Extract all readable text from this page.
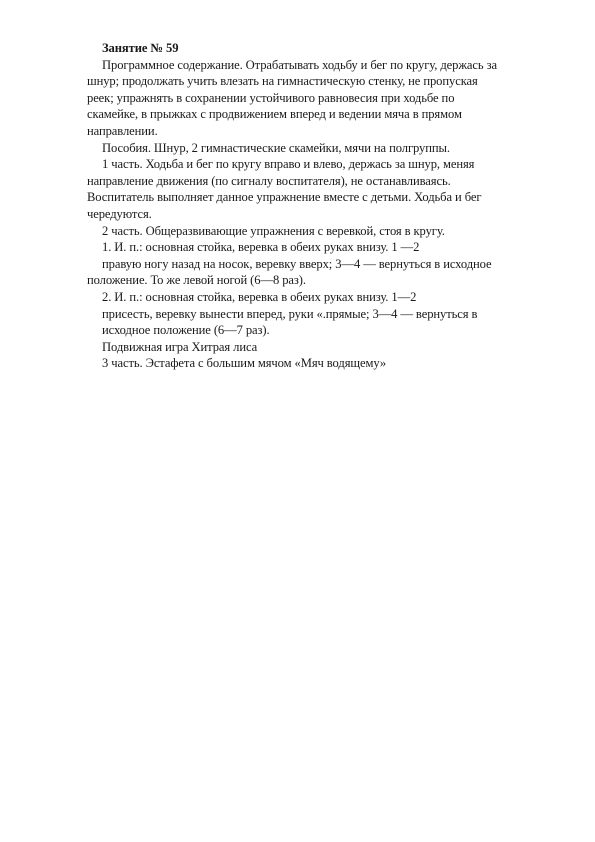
Занятие № 59
Программное содержание. Отрабатывать ходьбу и бег по кругу, держась за
шнур; продолжать учить влезать на гимнастическую стенку, не пропуская
реек; упражнять в сохранении устойчивого равновесия при ходьбе по
скамейке, в прыжках с продвижением вперед и ведении мяча в прямом
направлении.
Пособия. Шнур, 2 гимнастические скамейки, мячи на полгруппы.
1 часть. Ходьба и бег по кругу вправо и влево, держась за шнур, меняя
направление движения (по сигналу воспитателя), не останавливаясь.
Воспитатель выполняет данное упражнение вместе с детьми. Ходьба и бег
чередуются.
2 часть. Общеразвивающие упражнения с веревкой, стоя в кругу.
1. И. п.: основная стойка, веревка в обеих руках внизу. 1 —2
правую ногу назад на носок, веревку вверх; 3—4 — вернуться в исходное
положение. То же левой ногой (6—8 раз).
2. И. п.: основная стойка, веревка в обеих руках внизу. 1—2
присесть, веревку вынести вперед, руки «.прямые; 3—4 — вернуться в
исходное положение (6—7 раз).
Подвижная игра Хитрая лиса
3 часть. Эстафета с большим мячом «Мяч водящему»
